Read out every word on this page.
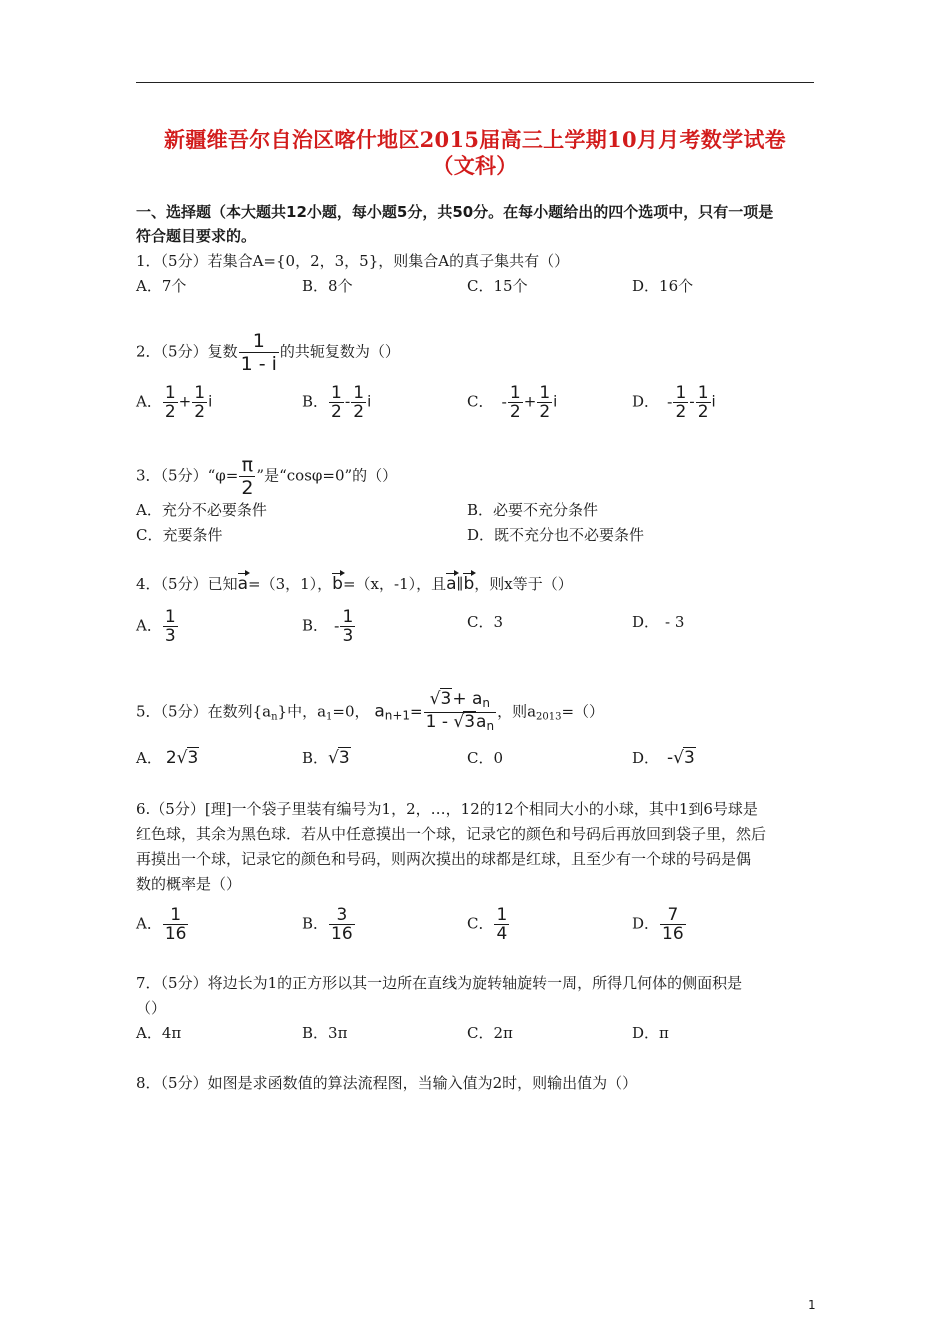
新疆维吾尔自治区喀什地区2015届高三上学期10月月考数学试卷
（文科）
一、选择题（本大题共12小题，每小题5分，共50分。在每小题给出的四个选项中，只有一项是
符合题目要求的。
1．（5分）若集合A={0，2，3，5}，则集合A的真子集共有（）
A．7个	B．8个	C．15个	D．16个
2．（5分）复数 $\frac{1}{1 - i}$ 的共轭复数为（）
A． $\frac{1}{2} + \frac{1}{2}$ i	B． $\frac{1}{2} - \frac{1}{2}$ i	C． - $\frac{1}{2} + \frac{1}{2}$ i	D． - $\frac{1}{2} - \frac{1}{2}$ i
3．（5分）“φ= $\frac{\pi}{2}$ ”是“cosφ=0”的（）
A．充分不必要条件	B．必要不充分条件
C．充要条件	D．既不充分也不必要条件
4．（5分）已知a=（3，1），b=（x，-1），且a∥b，则x等于（）
A． $\frac{1}{3}$	B． - $\frac{1}{3}$	C．3	D． - 3
5．（5分）在数列$\{a_n\}$中，$a_1=0$， $a_{n+1}= \frac{√3+ a_n}{1 - √3a_n}$ ，则$a_{2013}=()$
A． 2√3	B．√3	C．0	D． -√3
6.（5分）[理]一个袋子里装有编号为1，2，…，12的12个相同大小的小球，其中1到6号球是
红色球，其余为黑色球．若从中任意摸出一个球，记录它的颜色和号码后再放回到袋子里，然后
再摸出一个球，记录它的颜色和号码，则两次摸出的球都是红球，且至少有一个球的号码是偶
数的概率是（）
A． $\frac{1}{16}$	B． $\frac{3}{16}$	C． $\frac{1}{4}$	D． $\frac{7}{16}$
7．（5分）将边长为1的正方形以其一边所在直线为旋转轴旋转一周，所得几何体的侧面积是
（）
A．4π	B．3π	C．2π	D．π
8．（5分）如图是求函数值的算法流程图，当输入值为2时，则输出值为（）
1
